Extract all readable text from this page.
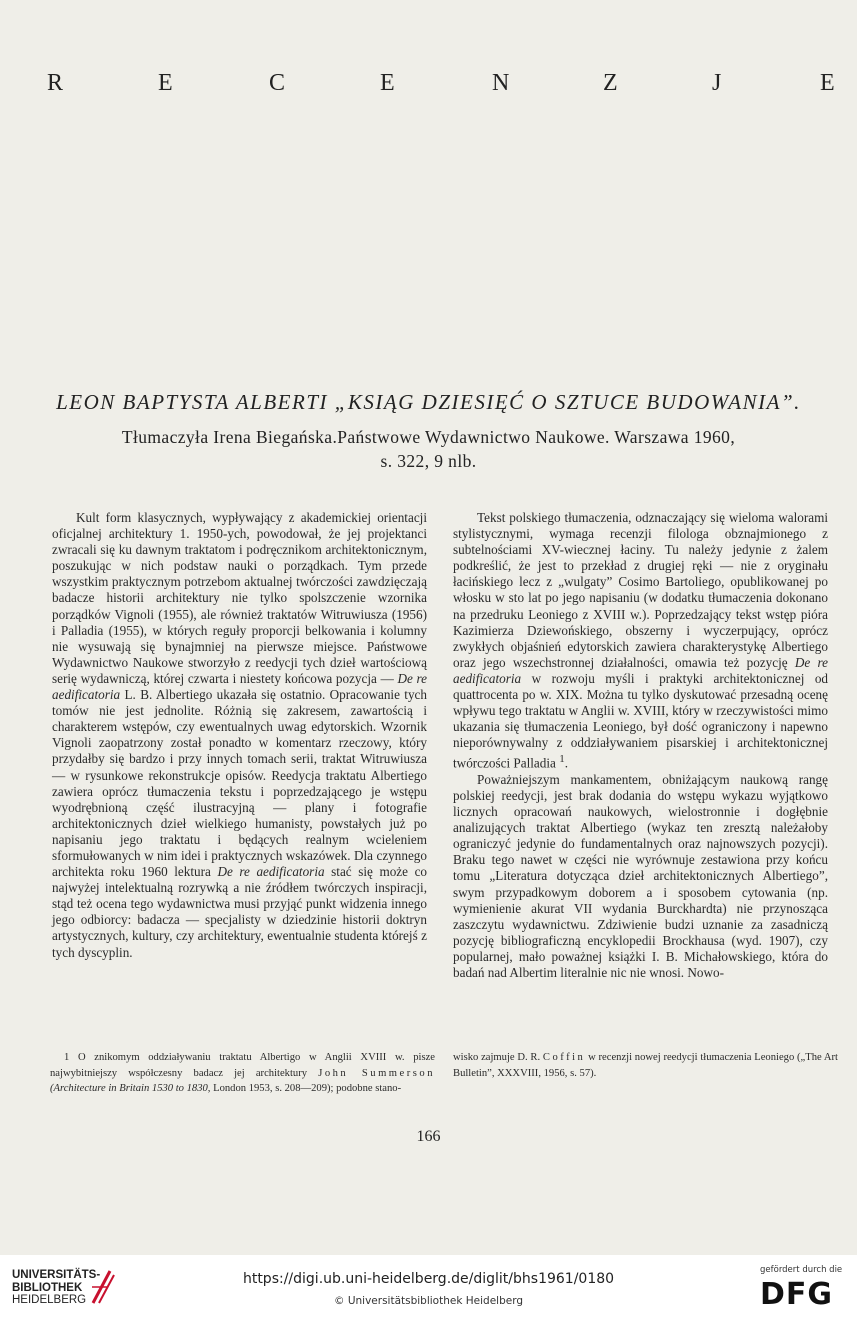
R	E	C	E	N	Z	J	E
LEON BAPTYSTA ALBERTI „KSIĄG DZIESIĘĆ O SZTUCE BUDOWANIA”.
Tłumaczyła Irena Biegańska.Państwowe Wydawnictwo Naukowe. Warszawa 1960,
s. 322, 9 nlb.

Kult form klasycznych, wypływający z akademickiej orientacji oficjalnej architektury 1. 1950-ych, powodował, że jej projektanci zwracali się ku dawnym traktatom i podręcznikom architektonicznym, poszukując w nich podstaw nauki o porządkach. Tym przede wszystkim praktycznym potrzebom aktualnej twórczości zawdzięczają badacze historii architektury nie tylko spolszczenie wzornika porządków Vignoli (1955), ale również traktatów Witruwiusza (1956) i Palladia (1955), w których reguły proporcji belkowania i kolumny nie wysuwają się bynajmniej na pierwsze miejsce. Państwowe Wydawnictwo Naukowe stworzyło z reedycji tych dzieł wartościową serię wydawniczą, której czwarta i niestety końcowa pozycja — De re aedificatoria L. B. Albertiego ukazała się ostatnio. Opracowanie tych tomów nie jest jednolite. Różnią się zakresem, zawartością i charakterem wstępów, czy ewentualnych uwag edytorskich. Wzornik Vignoli zaopatrzony został ponadto w komentarz rzeczowy, który przydałby się bardzo i przy innych tomach serii, traktat Witruwiusza — w rysunkowe rekonstrukcje opisów. Reedycja traktatu Albertiego zawiera oprócz tłumaczenia tekstu i poprzedzającego je wstępu wyodrębnioną część ilustracyjną — plany i fotografie architektonicznych dzieł wielkiego humanisty, powstałych już po napisaniu jego traktatu i będących realnym wcieleniem sformułowanych w nim idei i praktycznych wskazówek. Dla czynnego architekta roku 1960 lektura De re aedificatoria stać się może co najwyżej intelektualną rozrywką a nie źródłem twórczych inspiracji, stąd też ocena tego wydawnictwa musi przyjąć punkt widzenia innego jego odbiorcy: badacza — specjalisty w dziedzinie historii doktryn artystycznych, kultury, czy architektury, ewentualnie studenta którejś z tych dyscyplin.

Tekst polskiego tłumaczenia, odznaczający się wieloma walorami stylistycznymi, wymaga recenzji filologa obznajmionego z subtelnościami XV-wiecznej łaciny. Tu należy jedynie z żalem podkreślić, że jest to przekład z drugiej ręki — nie z oryginału łacińskiego lecz z „wulgaty” Cosimo Bartoliego, opublikowanej po włosku w sto lat po jego napisaniu (w dodatku tłumaczenia dokonano na przedruku Leoniego z XVIII w.). Poprzedzający tekst wstęp pióra Kazimierza Dziewońskiego, obszerny i wyczerpujący, oprócz zwykłych objaśnień edytorskich zawiera charakterystykę Albertiego oraz jego wszechstronnej działalności, omawia też pozycję De re aedificatoria w rozwoju myśli i praktyki architektonicznej od quattrocenta po w. XIX. Można tu tylko dyskutować przesadną ocenę wpływu tego traktatu w Anglii w. XVIII, który w rzeczywistości mimo ukazania się tłumaczenia Leoniego, był dość ograniczony i napewno nieporównywalny z oddziaływaniem pisarskiej i architektonicznej twórczości Palladia $^1$.

Poważniejszym mankamentem, obniżającym naukową rangę polskiej reedycji, jest brak dodania do wstępu wykazu wyjątkowo licznych opracowań naukowych, wielostronnie i dogłębnie analizujących traktat Albertiego (wykaz ten zresztą należałoby ograniczyć jedynie do fundamentalnych oraz najnowszych pozycji). Braku tego nawet w części nie wyrównuje zestawiona przy końcu tomu „Literatura dotycząca dzieł architektonicznych Albertiego”, swym przypadkowym doborem a i sposobem cytowania (np. wymienienie akurat VII wydania Burckhardta) nie przynosząca zaszczytu wydawnictwu. Zdziwienie budzi uznanie za zasadniczą pozycję bibliograficzną encyklopedii Brockhausa (wyd. 1907), czy popularnej, mało poważnej książki I. B. Michałowskiego, która do badań nad Albertim literalnie nic nie wnosi. Nowo-

1 O znikomym oddziaływaniu traktatu Albertigo w Anglii XVIII w. pisze najwybitniejszy współczesny badacz jej architektury John Summerson (Architecture in Britain 1530 to 1830, London 1953, s. 208—209); podobne stano-
wisko zajmuje D. R. Coffin w recenzji nowej reedycji tłumaczenia Leoniego („The Art Bulletin”, XXXVIII, 1956, s. 57).
166
UNIVERSITÄTS-
BIBLIOTHEK
HEIDELBERG
https://digi.ub.uni-heidelberg.de/diglit/bhs1961/0180
© Universitätsbibliothek Heidelberg
gefördert durch die
DFG
